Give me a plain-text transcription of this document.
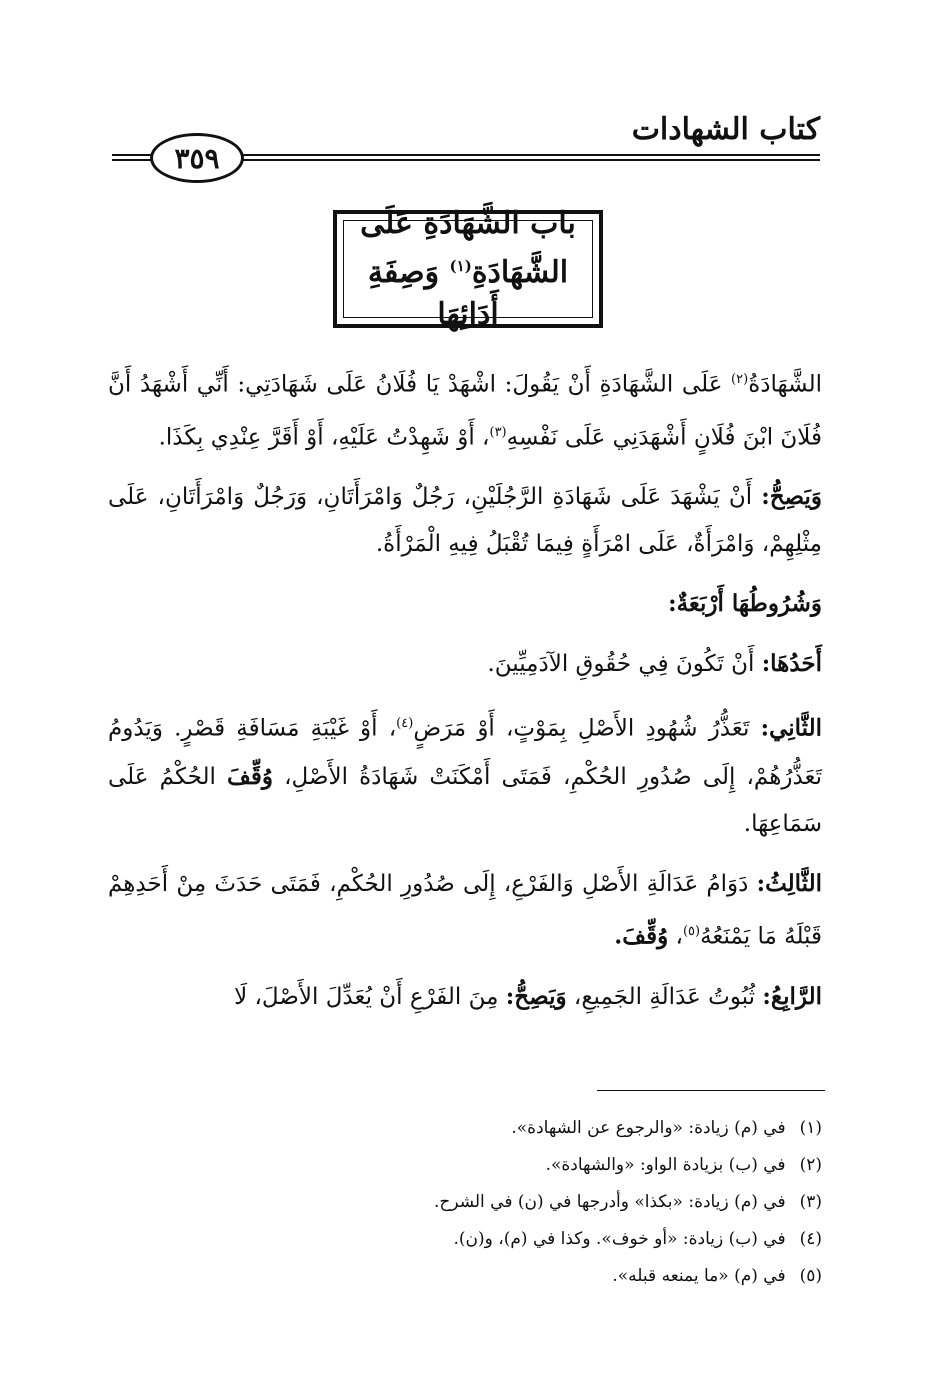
كتاب الشهادات
٣٥٩
باب الشَّهَادَةِ عَلَى
الشَّهَادَةِ$^{(١)}$ وَصِفَةِ أَدَائِهَا

الشَّهَادَةُ$^{(٢)}$ عَلَى الشَّهَادَةِ أَنْ يَقُولَ: اشْهَدْ يَا فُلَانُ عَلَى شَهَادَتِي: أَنِّي أَشْهَدُ أَنَّ فُلَانَ ابْنَ فُلَانٍ أَشْهَدَنِي عَلَى نَفْسِهِ$^{(٣)}$، أَوْ شَهِدْتُ عَلَيْهِ، أَوْ أَقَرَّ عِنْدِي بِكَذَا.

وَيَصِحُّ: أَنْ يَشْهَدَ عَلَى شَهَادَةِ الرَّجُلَيْنِ، رَجُلٌ وَامْرَأَتَانِ، وَرَجُلٌ وَامْرَأَتَانِ، عَلَى مِثْلِهِمْ، وَامْرَأَةٌ، عَلَى امْرَأَةٍ فِيمَا تُقْبَلُ فِيهِ الْمَرْأَةُ.

وَشُرُوطُهَا أَرْبَعَةٌ:

أَحَدُهَا: أَنْ تَكُونَ فِي حُقُوقِ الآدَمِيِّينَ.

الثَّانِي: تَعَذُّرُ شُهُودِ الأَصْلِ بِمَوْتٍ، أَوْ مَرَضٍ$^{(٤)}$، أَوْ غَيْبَةِ مَسَافَةِ قَصْرٍ. وَيَدُومُ تَعَذُّرُهُمْ، إِلَى صُدُورِ الحُكْمِ، فَمَتَى أَمْكَنَتْ شَهَادَةُ الأَصْلِ، وُقِّفَ الحُكْمُ عَلَى سَمَاعِهَا.

الثَّالِثُ: دَوَامُ عَدَالَةِ الأَصْلِ وَالفَرْعِ، إِلَى صُدُورِ الحُكْمِ، فَمَتَى حَدَثَ مِنْ أَحَدِهِمْ قَبْلَهُ مَا يَمْنَعُهُ$^{(٥)}$، وُقِّفَ.

الرَّابِعُ: ثُبُوتُ عَدَالَةِ الجَمِيعِ، وَيَصِحُّ: مِنَ الفَرْعِ أَنْ يُعَدِّلَ الأَصْلَ، لَا

(١)في (م) زيادة: «والرجوع عن الشهادة».
(٢)في (ب) بزيادة الواو: «والشهادة».
(٣)في (م) زيادة: «بكذا» وأدرجها في (ن) في الشرح.
(٤)في (ب) زيادة: «أو خوف». وكذا في (م)، و(ن).
(٥)في (م) «ما يمنعه قبله».
